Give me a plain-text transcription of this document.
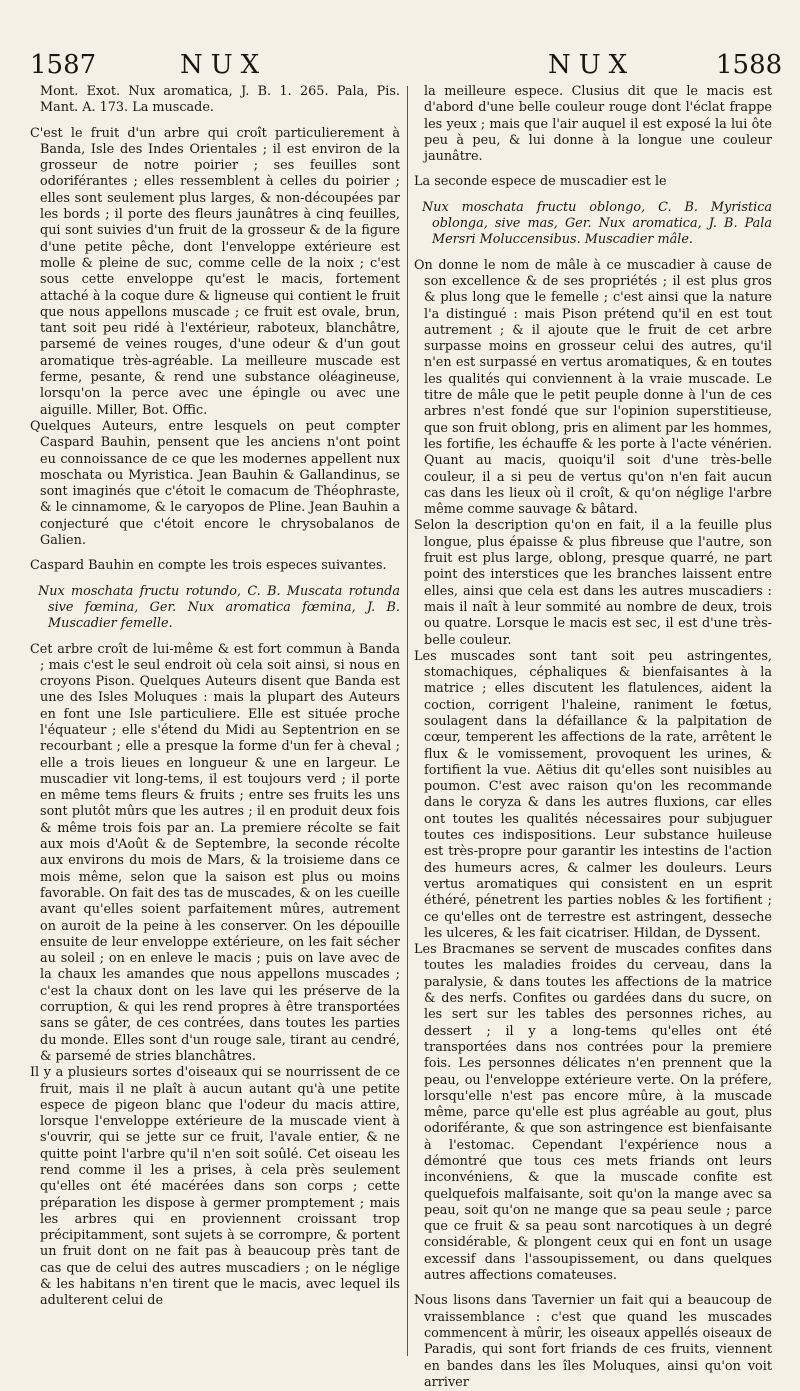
1587	NUX	NUX	1588

Mont. Exot. Nux aromatica, J. B. 1. 265. Pala, Pis. Mant. A. 173. La muscade.

C'est le fruit d'un arbre qui croît particulierement à Banda, Isle des Indes Orientales ; il est environ de la grosseur de notre poirier ; ses feuilles sont odoriférantes ; elles ressemblent à celles du poirier ; elles sont seulement plus larges, & non-découpées par les bords ; il porte des fleurs jaunâtres à cinq feuilles, qui sont suivies d'un fruit de la grosseur & de la figure d'une petite pêche, dont l'enveloppe extérieure est molle & pleine de suc, comme celle de la noix ; c'est sous cette enveloppe qu'est le macis, fortement attaché à la coque dure & ligneuse qui contient le fruit que nous appellons muscade ; ce fruit est ovale, brun, tant soit peu ridé à l'extérieur, raboteux, blanchâtre, parsemé de veines rouges, d'une odeur & d'un gout aromatique très-agréable. La meilleure muscade est ferme, pesante, & rend une substance oléagineuse, lorsqu'on la perce avec une épingle ou avec une aiguille. Miller, Bot. Offic.

Quelques Auteurs, entre lesquels on peut compter Caspard Bauhin, pensent que les anciens n'ont point eu connoissance de ce que les modernes appellent nux moschata ou Myristica. Jean Bauhin & Gallandinus, se sont imaginés que c'étoit le comacum de Théophraste, & le cinnamome, & le caryopos de Pline. Jean Bauhin a conjecturé que c'étoit encore le chrysobalanos de Galien.

Caspard Bauhin en compte les trois especes suivantes.

Nux moschata fructu rotundo, C. B. Muscata rotunda sive fœmina, Ger. Nux aromatica fœmina, J. B. Muscadier femelle.

Cet arbre croît de lui-même & est fort commun à Banda ; mais c'est le seul endroit où cela soit ainsi, si nous en croyons Pison. Quelques Auteurs disent que Banda est une des Isles Moluques : mais la plupart des Auteurs en font une Isle particuliere. Elle est située proche l'équateur ; elle s'étend du Midi au Septentrion en se recourbant ; elle a presque la forme d'un fer à cheval ; elle a trois lieues en longueur & une en largeur. Le muscadier vit long-tems, il est toujours verd ; il porte en même tems fleurs & fruits ; entre ses fruits les uns sont plutôt mûrs que les autres ; il en produit deux fois & même trois fois par an. La premiere récolte se fait aux mois d'Août & de Septembre, la seconde récolte aux environs du mois de Mars, & la troisieme dans ce mois même, selon que la saison est plus ou moins favorable. On fait des tas de muscades, & on les cueille avant qu'elles soient parfaitement mûres, autrement on auroit de la peine à les conserver. On les dépouille ensuite de leur enveloppe extérieure, on les fait sécher au soleil ; on en enleve le macis ; puis on lave avec de la chaux les amandes que nous appellons muscades ; c'est la chaux dont on les lave qui les préserve de la corruption, & qui les rend propres à être transportées sans se gâter, de ces contrées, dans toutes les parties du monde. Elles sont d'un rouge sale, tirant au cendré, & parsemé de stries blanchâtres.

Il y a plusieurs sortes d'oiseaux qui se nourrissent de ce fruit, mais il ne plaît à aucun autant qu'à une petite espece de pigeon blanc que l'odeur du macis attire, lorsque l'enveloppe extérieure de la muscade vient à s'ouvrir, qui se jette sur ce fruit, l'avale entier, & ne quitte point l'arbre qu'il n'en soit soûlé. Cet oiseau les rend comme il les a prises, à cela près seulement qu'elles ont été macérées dans son corps ; cette préparation les dispose à germer promptement ; mais les arbres qui en proviennent croissant trop précipitamment, sont sujets à se corrompre, & portent un fruit dont on ne fait pas à beaucoup près tant de cas que de celui des autres muscadiers ; on le néglige & les habitans n'en tirent que le macis, avec lequel ils adulterent celui de

la meilleure espece. Clusius dit que le macis est d'abord d'une belle couleur rouge dont l'éclat frappe les yeux ; mais que l'air auquel il est exposé la lui ôte peu à peu, & lui donne à la longue une couleur jaunâtre.

La seconde espece de muscadier est le

Nux moschata fructu oblongo, C. B. Myristica oblonga, sive mas, Ger. Nux aromatica, J. B. Pala Mersri Moluccensibus. Muscadier mâle.

On donne le nom de mâle à ce muscadier à cause de son excellence & de ses propriétés ; il est plus gros & plus long que le femelle ; c'est ainsi que la nature l'a distingué : mais Pison prétend qu'il en est tout autrement ; & il ajoute que le fruit de cet arbre surpasse moins en grosseur celui des autres, qu'il n'en est surpassé en vertus aromatiques, & en toutes les qualités qui conviennent à la vraie muscade. Le titre de mâle que le petit peuple donne à l'un de ces arbres n'est fondé que sur l'opinion superstitieuse, que son fruit oblong, pris en aliment par les hommes, les fortifie, les échauffe & les porte à l'acte vénérien. Quant au macis, quoiqu'il soit d'une très-belle couleur, il a si peu de vertus qu'on n'en fait aucun cas dans les lieux où il croît, & qu'on néglige l'arbre même comme sauvage & bâtard.

Selon la description qu'on en fait, il a la feuille plus longue, plus épaisse & plus fibreuse que l'autre, son fruit est plus large, oblong, presque quarré, ne part point des interstices que les branches laissent entre elles, ainsi que cela est dans les autres muscadiers : mais il naît à leur sommité au nombre de deux, trois ou quatre. Lorsque le macis est sec, il est d'une très-belle couleur.

Les muscades sont tant soit peu astringentes, stomachiques, céphaliques & bienfaisantes à la matrice ; elles discutent les flatulences, aident la coction, corrigent l'haleine, raniment le fœtus, soulagent dans la défaillance & la palpitation de cœur, temperent les affections de la rate, arrêtent le flux & le vomissement, provoquent les urines, & fortifient la vue. Aëtius dit qu'elles sont nuisibles au poumon. C'est avec raison qu'on les recommande dans le coryza & dans les autres fluxions, car elles ont toutes les qualités nécessaires pour subjuguer toutes ces indispositions. Leur substance huileuse est très-propre pour garantir les intestins de l'action des humeurs acres, & calmer les douleurs. Leurs vertus aromatiques qui consistent en un esprit éthéré, pénetrent les parties nobles & les fortifient ; ce qu'elles ont de terrestre est astringent, desseche les ulceres, & les fait cicatriser. Hildan, de Dyssent.

Les Bracmanes se servent de muscades confites dans toutes les maladies froides du cerveau, dans la paralysie, & dans toutes les affections de la matrice & des nerfs. Confites ou gardées dans du sucre, on les sert sur les tables des personnes riches, au dessert ; il y a long-tems qu'elles ont été transportées dans nos contrées pour la premiere fois. Les personnes délicates n'en prennent que la peau, ou l'enveloppe extérieure verte. On la préfere, lorsqu'elle n'est pas encore mûre, à la muscade même, parce qu'elle est plus agréable au gout, plus odoriférante, & que son astringence est bienfaisante à l'estomac. Cependant l'expérience nous a démontré que tous ces mets friands ont leurs inconvéniens, & que la muscade confite est quelquefois malfaisante, soit qu'on la mange avec sa peau, soit qu'on ne mange que sa peau seule ; parce que ce fruit & sa peau sont narcotiques à un degré considérable, & plongent ceux qui en font un usage excessif dans l'assoupissement, ou dans quelques autres affections comateuses.

Nous lisons dans Tavernier un fait qui a beaucoup de vraissemblance : c'est que quand les muscades commencent à mûrir, les oiseaux appellés oiseaux de Paradis, qui sont fort friands de ces fruits, viennent en bandes dans les îles Moluques, ainsi qu'on voit arriver
